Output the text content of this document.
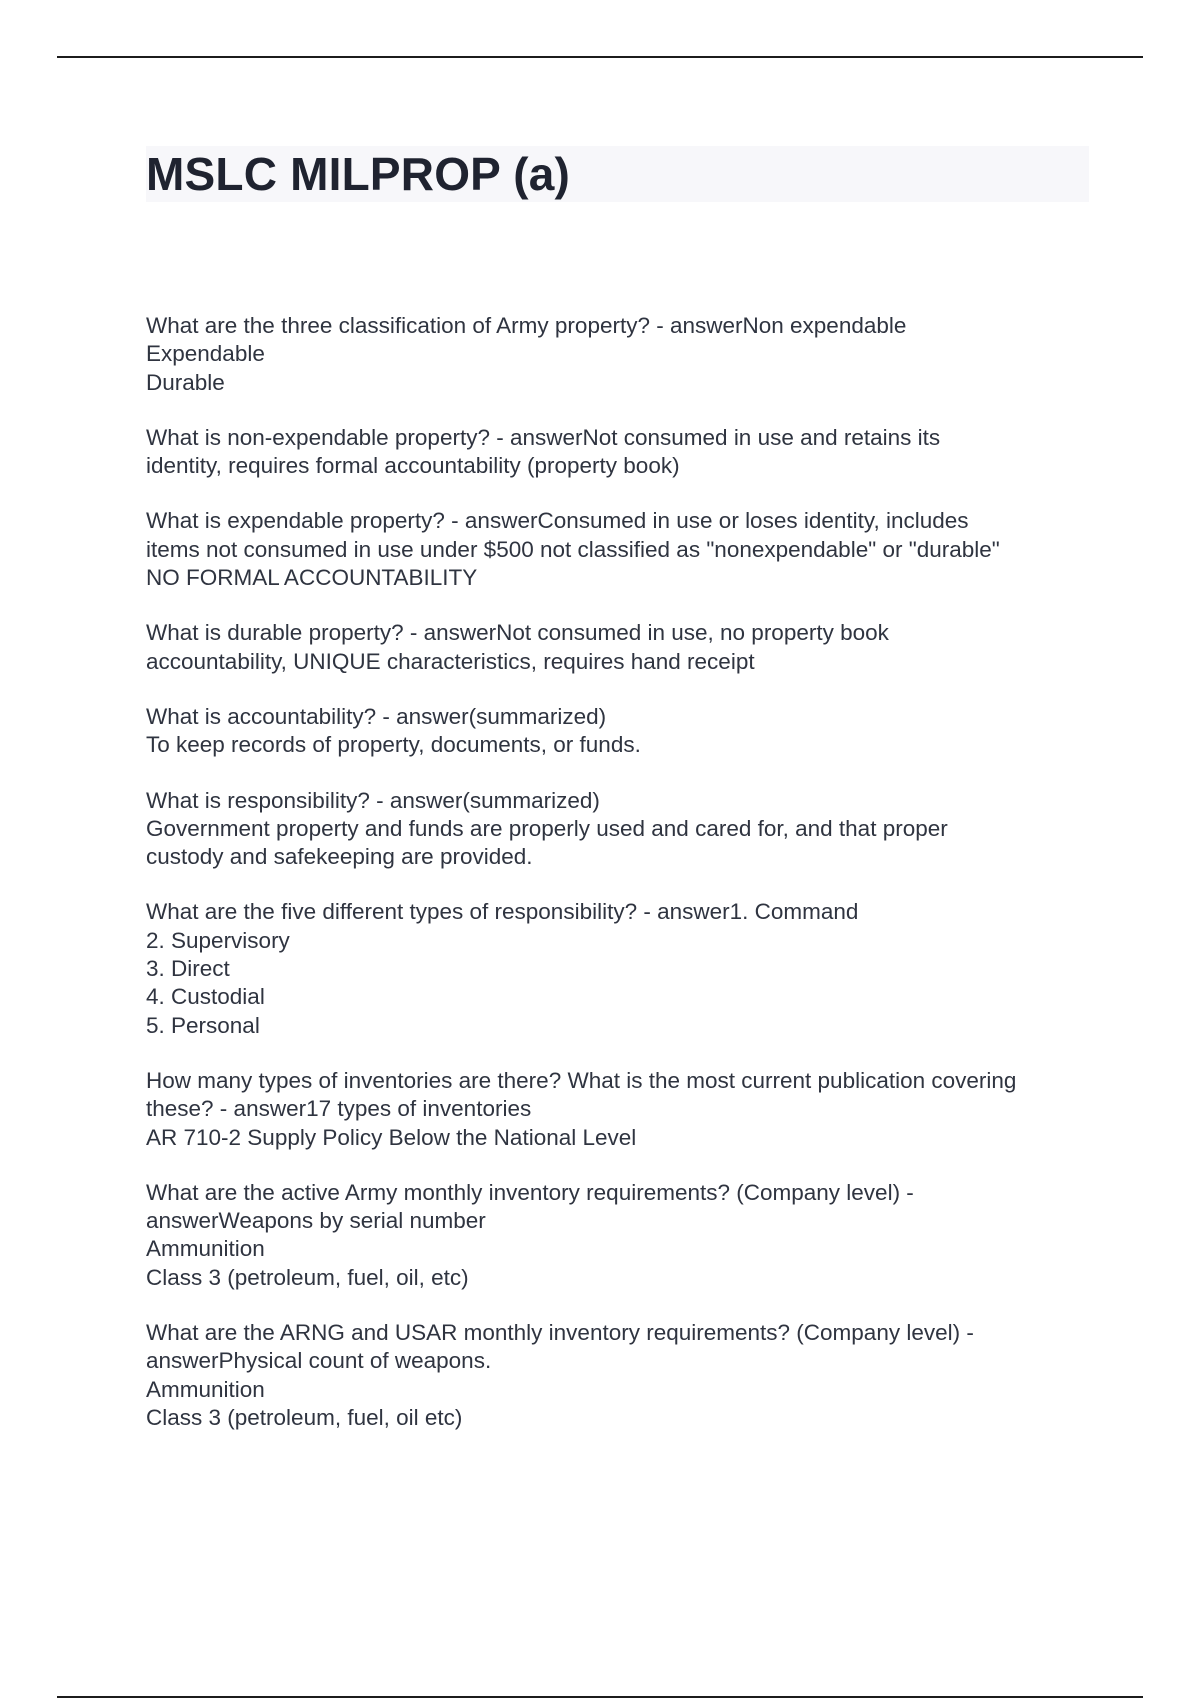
MSLC MILPROP (a)

What are the three classification of Army property? - answerNon expendable
Expendable
Durable

What is non-expendable property? - answerNot consumed in use and retains its
identity, requires formal accountability (property book)

What is expendable property? - answerConsumed in use or loses identity, includes
items not consumed in use under $500 not classified as "nonexpendable" or "durable"
NO FORMAL ACCOUNTABILITY

What is durable property? - answerNot consumed in use, no property book
accountability, UNIQUE characteristics, requires hand receipt

What is accountability? - answer(summarized)
To keep records of property, documents, or funds.

What is responsibility? - answer(summarized)
Government property and funds are properly used and cared for, and that proper
custody and safekeeping are provided.

What are the five different types of responsibility? - answer1. Command
2. Supervisory
3. Direct
4. Custodial
5. Personal

How many types of inventories are there? What is the most current publication covering
these? - answer17 types of inventories
AR 710-2 Supply Policy Below the National Level

What are the active Army monthly inventory requirements? (Company level) -
answerWeapons by serial number
Ammunition
Class 3 (petroleum, fuel, oil, etc)

What are the ARNG and USAR monthly inventory requirements? (Company level) -
answerPhysical count of weapons.
Ammunition
Class 3 (petroleum, fuel, oil etc)
